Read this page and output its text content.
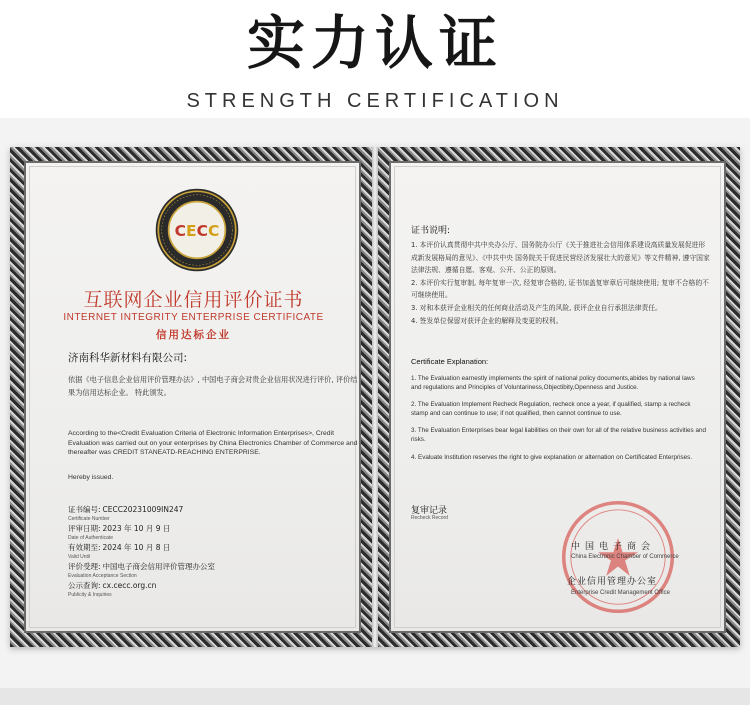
实力认证
STRENGTH CERTIFICATION
CECC
互联网企业信用评价证书
INTERNET INTEGRITY ENTERPRISE CERTIFICATE
信用达标企业
济南科华新材料有限公司:
依据《电子信息企业信用评价管理办法》, 中国电子商会对贵企业信用状况进行评价, 评价结果为信用达标企业。 特此颁发。
According to the<Credit Evaluation Criteria of Electronic Information Enterprises>, Credit Evaluation was carried out on your enterprises by China Electronics Chamber of Commerce and thereafter was CREDIT STANEATD-REACHING ENTERPRISE.
Hereby issued.
证书编号: CECC20231009IN247
Certificate Number
评审日期: 2023 年 10 月 9 日
Date of Authenticate
有效期至: 2024 年 10 月 8 日
Valid Until
评价受理: 中国电子商会信用评价管理办公室
Evaluation Acceptance Section
公示查询: cx.cecc.org.cn
Publicity & Inquiries
证书说明:
1. 本评价认真贯彻中共中央办公厅、国务院办公厅《关于推进社会信用体系建设高质量发展促进形成新发展格局的意见》、《中共中央 国务院关于促进民营经济发展壮大的意见》等文件精神, 遵守国家法律法规、遵循自愿、客观、公开、公正的原则。
2. 本评价实行复审制, 每年复审一次, 经复审合格的, 证书加盖复审章后可继续使用; 复审不合格的不可继续使用。
3. 对和本获评企业相关的任何商业活动及产生的风险, 获评企业自行承担法律责任。
4. 签发单位保留对获评企业的解释及变更的权利。
Certificate Explanation:
1. The Evaluation earnestly implements the spirit of national policy documents,abides by national laws and regulations and Principles of Voluntariness,Objectibity,Openness and Justice.
2. The Evaluation Implement Recheck Regulation, recheck once a year, if qualified, stamp a recheck stamp and can continue to use; if not qualified, then cannot continue to use.
3. The Evaluation Enterprises bear legal liabilities on their own for all of the relative business activities and risks.
4. Evaluate Institution reserves the right to give explanation or alternation on Certificated Enterprises.
复审记录
Recheck Record
中国电子商会
China Electronic Chamber of Commerce
企业信用管理办公室
Enterprise Credit Management Office
